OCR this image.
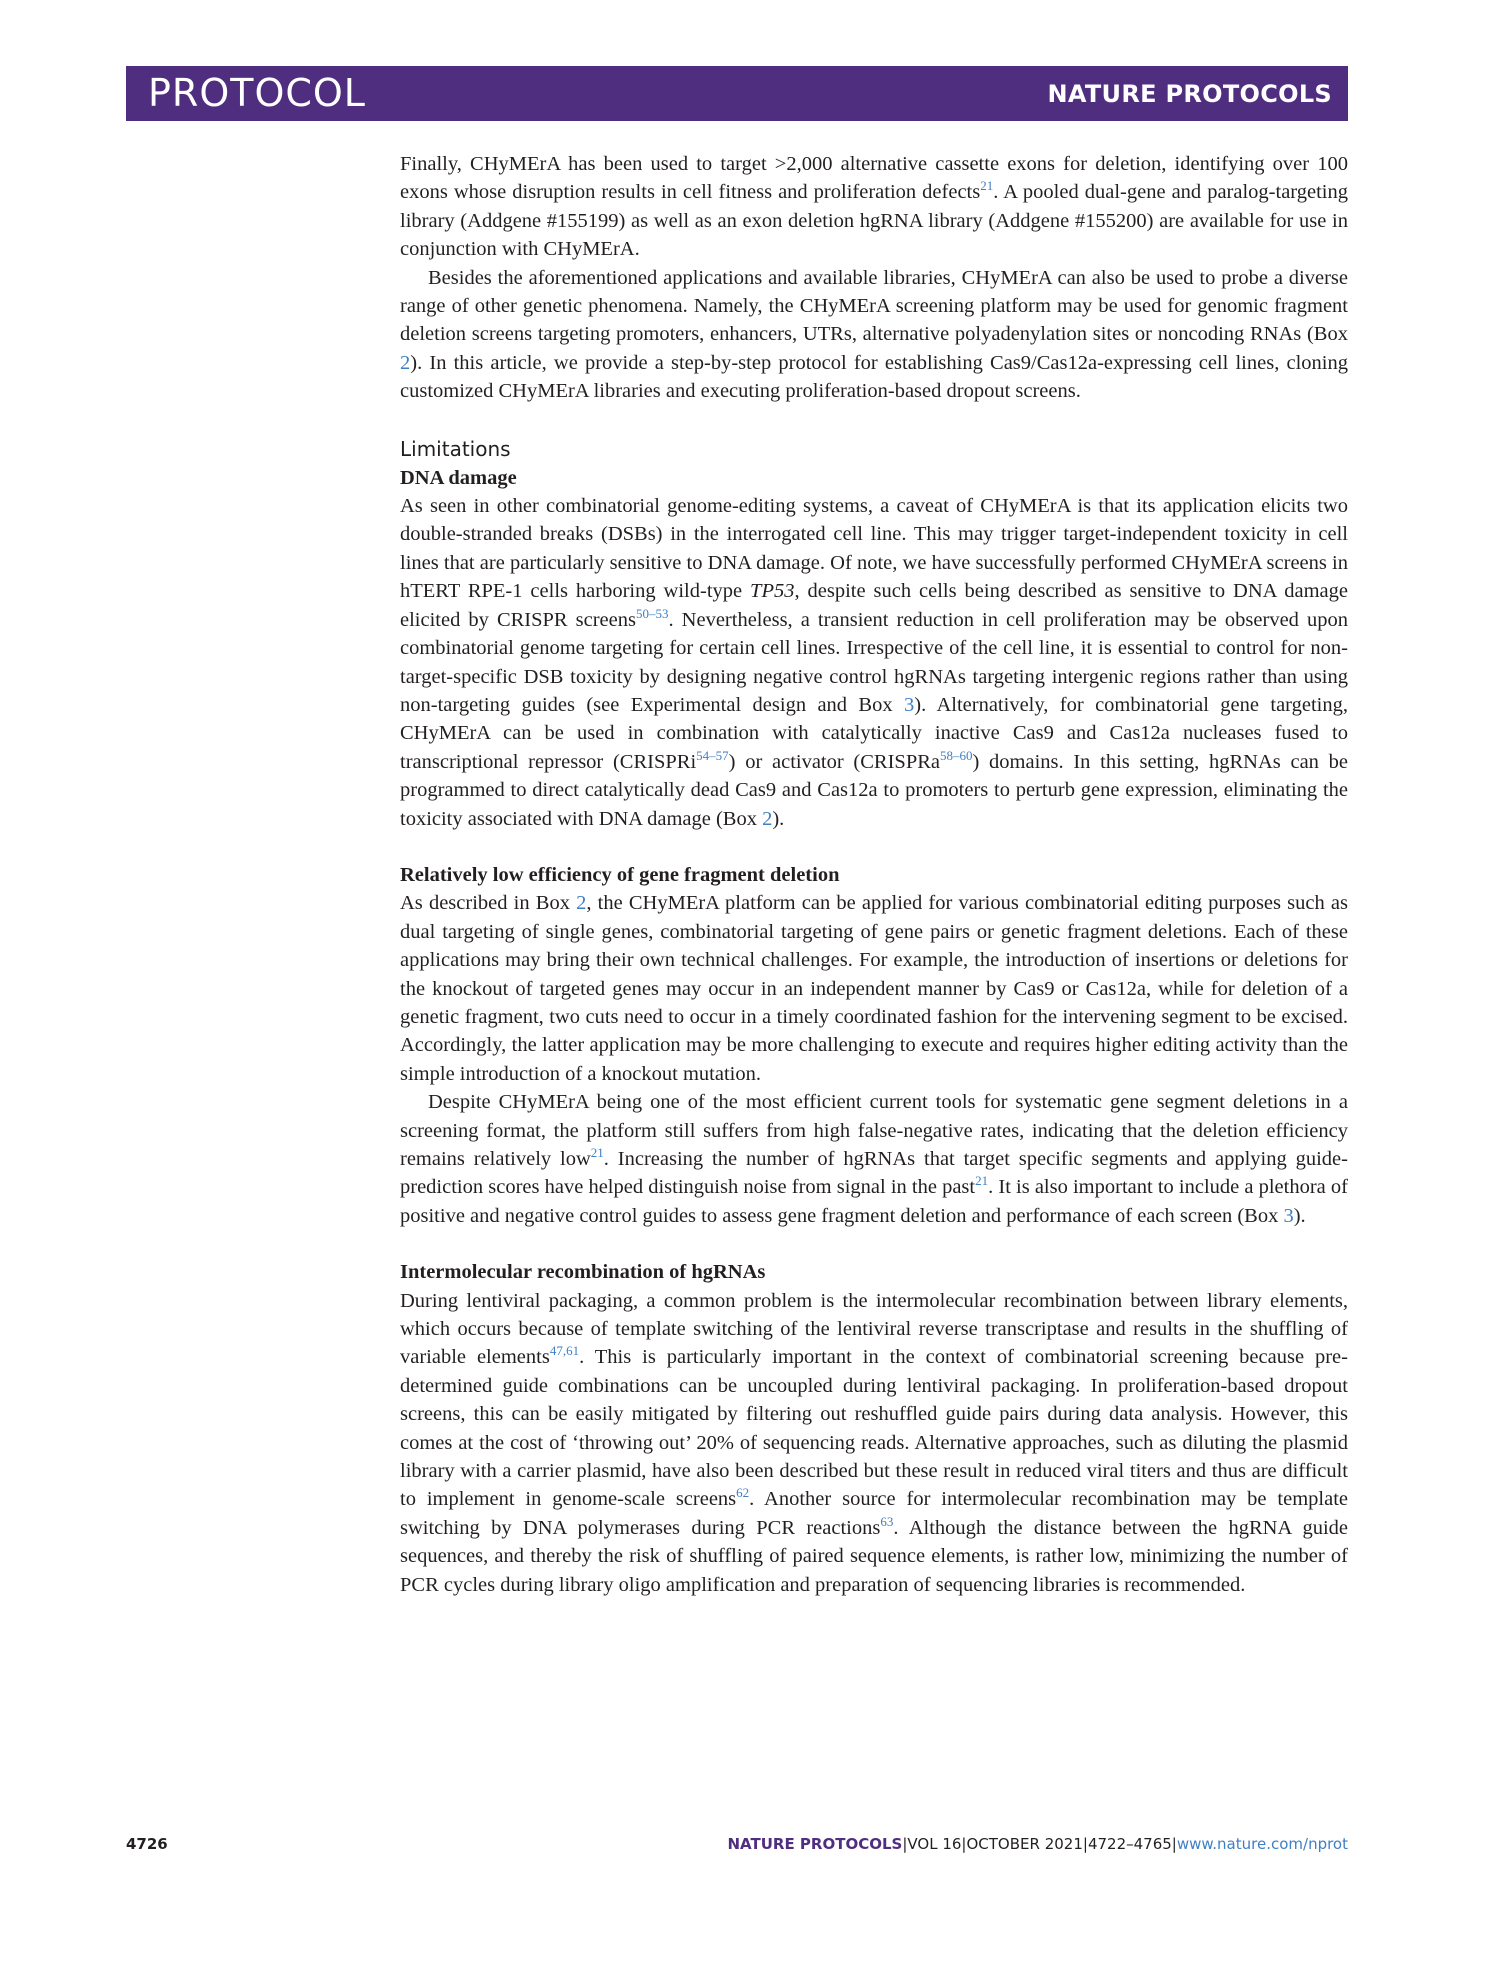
PROTOCOL	NATURE PROTOCOLS

Finally, CHyMErA has been used to target >2,000 alternative cassette exons for deletion, identifying over 100 exons whose disruption results in cell fitness and proliferation defects$^{21}$. A pooled dual-gene and paralog-targeting library (Addgene #155199) as well as an exon deletion hgRNA library (Addgene #155200) are available for use in conjunction with CHyMErA.

Besides the aforementioned applications and available libraries, CHyMErA can also be used to probe a diverse range of other genetic phenomena. Namely, the CHyMErA screening platform may be used for genomic fragment deletion screens targeting promoters, enhancers, UTRs, alternative polyadenylation sites or noncoding RNAs (Box 2). In this article, we provide a step-by-step protocol for establishing Cas9/Cas12a-expressing cell lines, cloning customized CHyMErA libraries and executing proliferation-based dropout screens.

Limitations
DNA damage

As seen in other combinatorial genome-editing systems, a caveat of CHyMErA is that its application elicits two double-stranded breaks (DSBs) in the interrogated cell line. This may trigger target-independent toxicity in cell lines that are particularly sensitive to DNA damage. Of note, we have successfully performed CHyMErA screens in hTERT RPE-1 cells harboring wild-type TP53, despite such cells being described as sensitive to DNA damage elicited by CRISPR screens$^{50-53}$. Nevertheless, a transient reduction in cell proliferation may be observed upon combinatorial genome targeting for certain cell lines. Irrespective of the cell line, it is essential to control for non-target-specific DSB toxicity by designing negative control hgRNAs targeting intergenic regions rather than using non-targeting guides (see Experimental design and Box 3). Alternatively, for combinatorial gene targeting, CHyMErA can be used in combination with catalytically inactive Cas9 and Cas12a nucleases fused to transcriptional repressor (CRISPRi$^{54-57}$) or activator (CRISPRa$^{58-60}$) domains. In this setting, hgRNAs can be programmed to direct catalytically dead Cas9 and Cas12a to promoters to perturb gene expression, eliminating the toxicity associated with DNA damage (Box 2).

Relatively low efficiency of gene fragment deletion

As described in Box 2, the CHyMErA platform can be applied for various combinatorial editing purposes such as dual targeting of single genes, combinatorial targeting of gene pairs or genetic fragment deletions. Each of these applications may bring their own technical challenges. For example, the introduction of insertions or deletions for the knockout of targeted genes may occur in an independent manner by Cas9 or Cas12a, while for deletion of a genetic fragment, two cuts need to occur in a timely coordinated fashion for the intervening segment to be excised. Accordingly, the latter application may be more challenging to execute and requires higher editing activity than the simple introduction of a knockout mutation.

Despite CHyMErA being one of the most efficient current tools for systematic gene segment deletions in a screening format, the platform still suffers from high false-negative rates, indicating that the deletion efficiency remains relatively low$^{21}$. Increasing the number of hgRNAs that target specific segments and applying guide-prediction scores have helped distinguish noise from signal in the past$^{21}$. It is also important to include a plethora of positive and negative control guides to assess gene fragment deletion and performance of each screen (Box 3).

Intermolecular recombination of hgRNAs

During lentiviral packaging, a common problem is the intermolecular recombination between library elements, which occurs because of template switching of the lentiviral reverse transcriptase and results in the shuffling of variable elements$^{47,61}$. This is particularly important in the context of combinatorial screening because pre-determined guide combinations can be uncoupled during lentiviral packaging. In proliferation-based dropout screens, this can be easily mitigated by filtering out reshuffled guide pairs during data analysis. However, this comes at the cost of ‘throwing out’ 20% of sequencing reads. Alternative approaches, such as diluting the plasmid library with a carrier plasmid, have also been described but these result in reduced viral titers and thus are difficult to implement in genome-scale screens$^{62}$. Another source for intermolecular recombination may be template switching by DNA polymerases during PCR reactions$^{63}$. Although the distance between the hgRNA guide sequences, and thereby the risk of shuffling of paired sequence elements, is rather low, minimizing the number of PCR cycles during library oligo amplification and preparation of sequencing libraries is recommended.

4726	NATURE PROTOCOLS|VOL 16|OCTOBER 2021|4722–4765|www.nature.com/nprot
